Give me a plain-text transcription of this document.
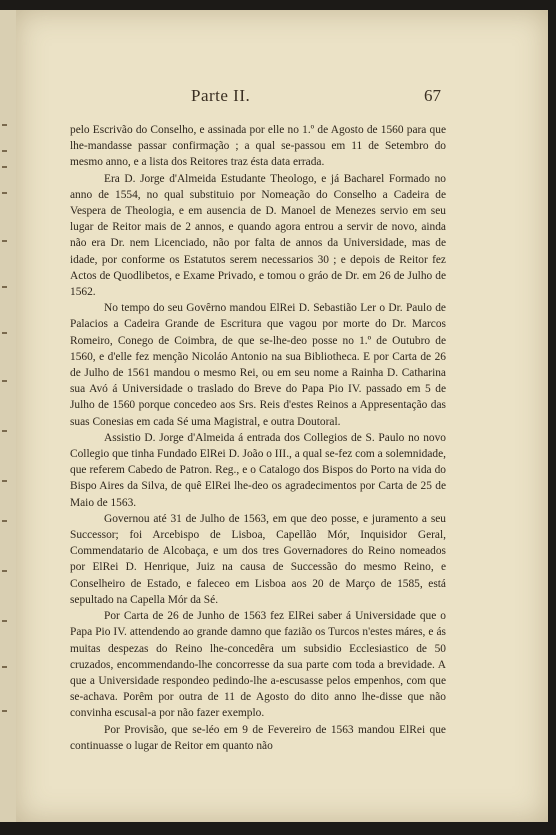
Parte II.	67

pelo Escrivão do Conselho, e assinada por elle no 1.º de Agosto de 1560 para que lhe-mandasse passar confirmação ; a qual se-passou em 11 de Setembro do mesmo anno, e a lista dos Reitores traz ésta data errada.

Era D. Jorge d'Almeida Estudante Theologo, e já Bacharel Formado no anno de 1554, no qual substituio por Nomeação do Conselho a Cadeira de Vespera de Theologia, e em ausencia de D. Manoel de Menezes servio em seu lugar de Reitor mais de 2 annos, e quando agora entrou a servir de novo, ainda não era Dr. nem Licenciado, não por falta de annos da Universidade, mas de idade, por conforme os Estatutos serem necessarios 30 ; e depois de Reitor fez Actos de Quodlibetos, e Exame Privado, e tomou o gráo de Dr. em 26 de Julho de 1562.

No tempo do seu Govêrno mandou ElRei D. Sebastião Ler o Dr. Paulo de Palacios a Cadeira Grande de Escritura que vagou por morte do Dr. Marcos Romeiro, Conego de Coimbra, de que se-lhe-deo posse no 1.º de Outubro de 1560, e d'elle fez menção Nicoláo Antonio na sua Bibliotheca. E por Carta de 26 de Julho de 1561 mandou o mesmo Rei, ou em seu nome a Rainha D. Catharina sua Avó á Universidade o traslado do Breve do Papa Pio IV. passado em 5 de Julho de 1560 porque concedeo aos Srs. Reis d'estes Reinos a Appresentação das suas Conesias em cada Sé uma Magistral, e outra Doutoral.

Assistio D. Jorge d'Almeida á entrada dos Collegios de S. Paulo no novo Collegio que tinha Fundado ElRei D. João o III., a qual se-fez com a solemnidade, que referem Cabedo de Patron. Reg., e o Catalogo dos Bispos do Porto na vida do Bispo Aires da Silva, de quê ElRei lhe-deo os agradecimentos por Carta de 25 de Maio de 1563.

Governou até 31 de Julho de 1563, em que deo posse, e juramento a seu Successor; foi Arcebispo de Lisboa, Capellão Mór, Inquisidor Geral, Commendatario de Alcobaça, e um dos tres Governadores do Reino nomeados por ElRei D. Henrique, Juiz na causa de Successão do mesmo Reino, e Conselheiro de Estado, e faleceo em Lisboa aos 20 de Março de 1585, está sepultado na Capella Mór da Sé.

Por Carta de 26 de Junho de 1563 fez ElRei saber á Universidade que o Papa Pio IV. attendendo ao grande damno que fazião os Turcos n'estes máres, e ás muitas despezas do Reino lhe-concedêra um subsidio Ecclesiastico de 50 cruzados, encommendando-lhe concorresse da sua parte com toda a brevidade. A que a Universidade respondeo pedindo-lhe a-escusasse pelos empenhos, com que se-achava. Porêm por outra de 11 de Agosto do dito anno lhe-disse que não convinha escusal-a por não fazer exemplo.

Por Provisão, que se-léo em 9 de Fevereiro de 1563 mandou ElRei que continuasse o lugar de Reitor em quanto não
